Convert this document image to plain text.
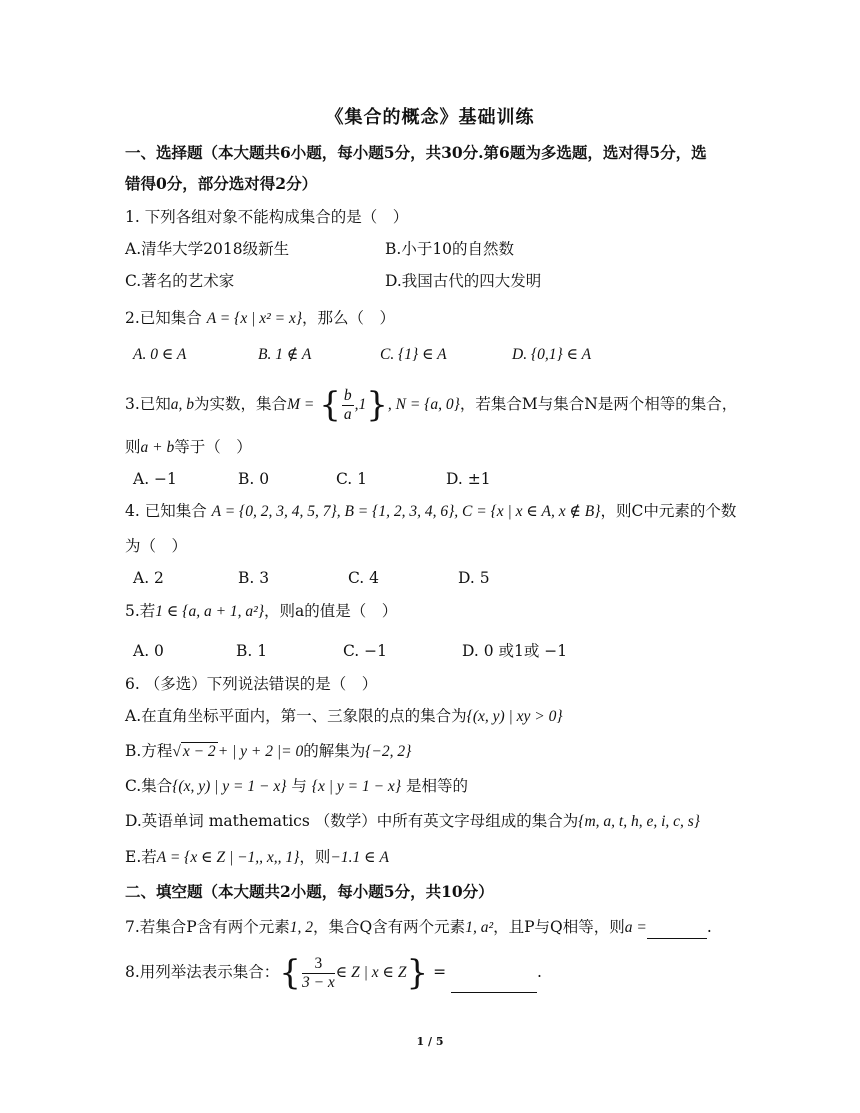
《集合的概念》基础训练
一、选择题（本大题共6小题，每小题5分，共30分.第6题为多选题，选对得5分，选
错得0分，部分选对得2分）
1. 下列各组对象不能构成集合的是（　）
A.清华大学2018级新生	B.小于10的自然数
C.著名的艺术家	D.我国古代的四大发明
2.已知集合 A = {x | x² = x}，那么（　）
A. 0 ∈ A	B. 1 ∉ A	C. {1} ∈ A	D. {0,1} ∈ A
3.已知a, b为实数，集合M = { $\frac{b}{a} ,1$}, N = {a, 0}，若集合M与集合N是两个相等的集合，
则a + b等于（　）
A. −1	B. 0	C. 1	D. ±1
4. 已知集合 A = {0, 2, 3, 4, 5, 7}, B = {1, 2, 3, 4, 6}, C = {x | x ∈ A, x ∉ B}，则C中元素的个数
为（　）
A. 2	B. 3	C. 4	D. 5
5.若1 ∈ {a, a + 1, a²}，则a的值是（　）
A. 0	B. 1	C. −1	D. 0 或1或 −1
6. （多选）下列说法错误的是（　）
A.在直角坐标平面内，第一、三象限的点的集合为{(x, y) | xy > 0}
B.方程√ x − 2 + | y + 2 |= 0的解集为{−2, 2}
C.集合{(x, y) | y = 1 − x} 与 {x | y = 1 − x} 是相等的
D.英语单词 mathematics （数学）中所有英文字母组成的集合为{m, a, t, h, e, i, c, s}
E.若A = {x ∈ Z | −1,, x,, 1}，则−1.1 ∈ A
二、填空题（本大题共2小题，每小题5分，共10分）
7.若集合P含有两个元素1, 2，集合Q含有两个元素1, a²，且P与Q相等，则a =	.
8.用列举法表示集合：{ $\frac{3}{3 - x}$ ∈ Z | x ∈ Z} =	.
1 / 5
